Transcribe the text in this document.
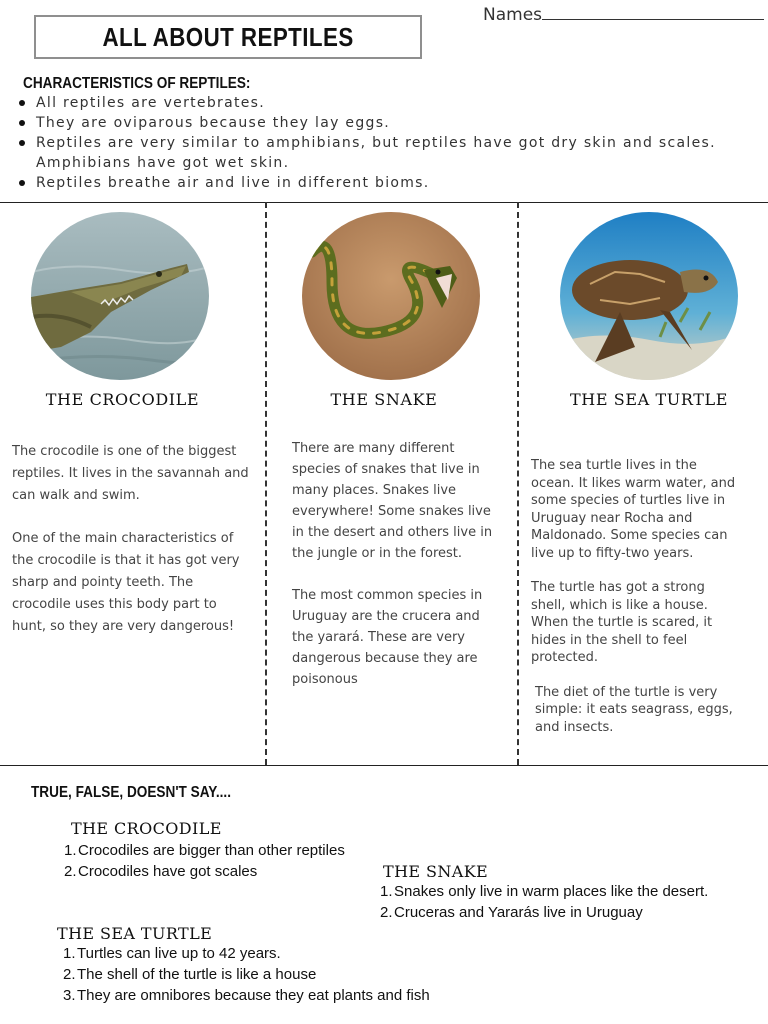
ALL ABOUT REPTILES
Names
CHARACTERISTICS OF REPTILES:
All reptiles are vertebrates.
They are oviparous because they lay eggs.
Reptiles are very similar to amphibians, but reptiles have got dry skin and scales. Amphibians have got wet skin.
Reptiles breathe air and live in different bioms.
THE CROCODILE

The crocodile is one of the biggest reptiles. It lives in the savannah and can walk and swim.

One of the main characteristics of the crocodile is that it has got very sharp and pointy teeth. The crocodile uses this body part to hunt, so they are very dangerous!

THE SNAKE

There are many different species of snakes that live in many places. Snakes live everywhere! Some snakes live in the desert and others live in the jungle or in the forest.

The most common species in Uruguay are the crucera and the yarará. These are very dangerous because they are poisonous

THE SEA TURTLE

The sea turtle lives in the ocean. It likes warm water, and some species of turtles live in Uruguay near Rocha and Maldonado. Some species can live up to fifty-two years.

The turtle has got a strong shell, which is like a house. When the turtle is scared, it hides in the shell to feel protected.

The diet of the turtle is very simple: it eats seagrass, eggs, and insects.

TRUE, FALSE, DOESN'T SAY....
THE CROCODILE
1.Crocodiles are bigger than other reptiles
2.Crocodiles have got scales	THE SNAKE
1.Snakes only live in warm places like the desert.
2.Cruceras and Yararás live in Uruguay
THE SEA TURTLE
1.Turtles can live up to 42 years.
2.The shell of the turtle is like a house
3.They are omnibores because they eat plants and fish
